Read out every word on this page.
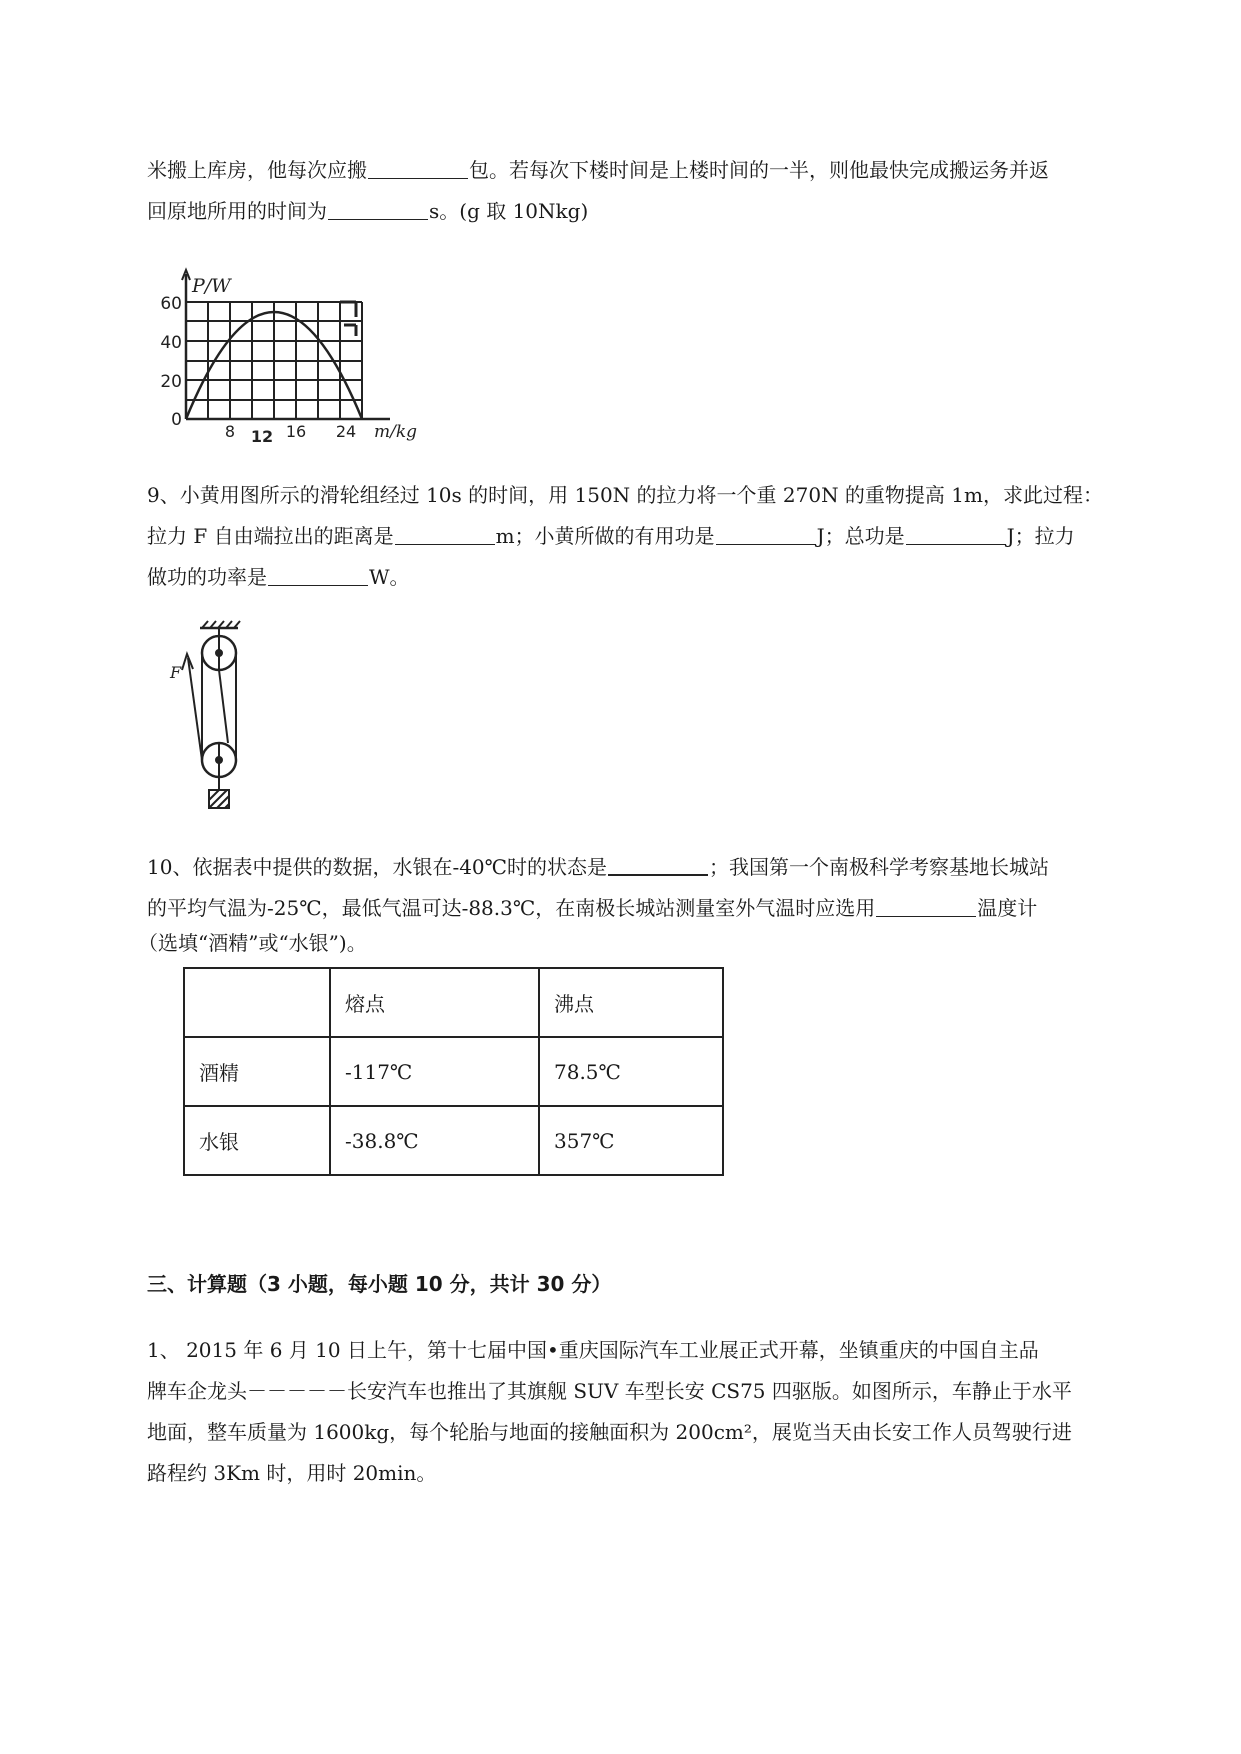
米搬上库房，他每次应搬	包。若每次下楼时间是上楼时间的一半，则他最快完成搬运务并返
回原地所用的时间为	s。(g 取 10Nkg)
P/W
0
20
40
60
8 12 16 24 m/kg
9、小黄用图所示的滑轮组经过 10s 的时间，用 150N 的拉力将一个重 270N 的重物提高 1m，求此过程：
拉力 F 自由端拉出的距离是	m；小黄所做的有用功是	J；总功是	J；拉力
做功的功率是	W。
F
10、依据表中提供的数据，水银在-40℃时的状态是	；我国第一个南极科学考察基地长城站
的平均气温为-25℃，最低气温可达-88.3℃，在南极长城站测量室外气温时应选用	温度计
（选填“酒精”或“水银”)。
	熔点	沸点
酒精	-117℃	78.5℃
水银	-38.8℃	357℃
三、计算题（3 小题，每小题 10 分，共计 30 分）
1、 2015 年 6 月 10 日上午，第十七届中国•重庆国际汽车工业展正式开幕，坐镇重庆的中国自主品
牌车企龙头－－－－－长安汽车也推出了其旗舰 SUV 车型长安 CS75 四驱版。如图所示，车静止于水平
地面，整车质量为 1600kg，每个轮胎与地面的接触面积为 200cm²，展览当天由长安工作人员驾驶行进
路程约 3Km 时，用时 20min。
